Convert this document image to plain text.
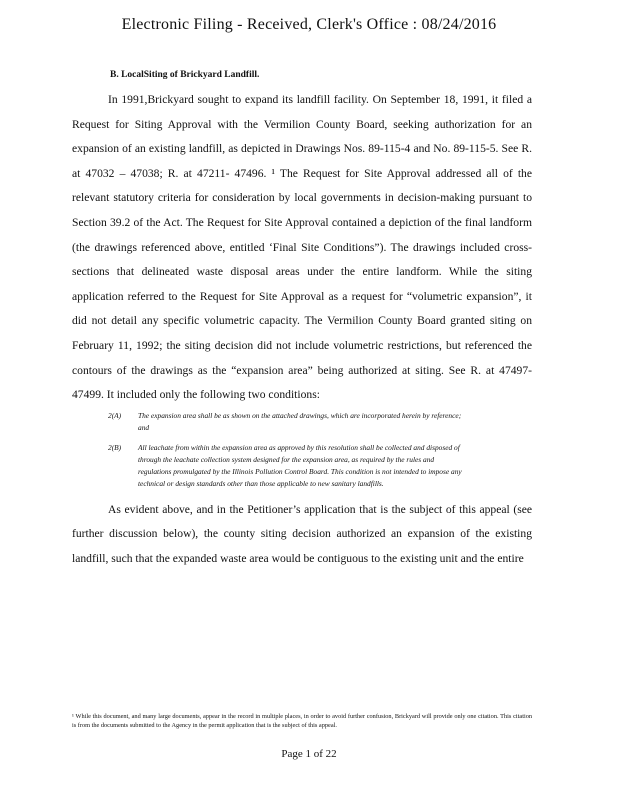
Electronic Filing - Received, Clerk's Office : 08/24/2016
B. LocalSiting of Brickyard Landfill.

In 1991,Brickyard sought to expand its landfill facility. On September 18, 1991, it filed a Request for Siting Approval with the Vermilion County Board, seeking authorization for an expansion of an existing landfill, as depicted in Drawings Nos. 89-115-4 and No. 89-115-5. See R. at 47032 – 47038; R. at 47211- 47496. ¹ The Request for Site Approval addressed all of the relevant statutory criteria for consideration by local governments in decision-making pursuant to Section 39.2 of the Act. The Request for Site Approval contained a depiction of the final landform (the drawings referenced above, entitled ‘Final Site Conditions”). The drawings included cross-sections that delineated waste disposal areas under the entire landform. While the siting application referred to the Request for Site Approval as a request for “volumetric expansion”, it did not detail any specific volumetric capacity. The Vermilion County Board granted siting on February 11, 1992; the siting decision did not include volumetric restrictions, but referenced the contours of the drawings as the “expansion area” being authorized at siting. See R. at 47497-47499. It included only the following two conditions:

2(A)	The expansion area shall be as shown on the attached drawings, which are incorporated herein by reference; and
2(B)	All leachate from within the expansion area as approved by this resolution shall be collected and disposed of through the leachate collection system designed for the expansion area, as required by the rules and regulations promulgated by the Illinois Pollution Control Board. This condition is not intended to impose any technical or design standards other than those applicable to new sanitary landfills.

As evident above, and in the Petitioner’s application that is the subject of this appeal (see further discussion below), the county siting decision authorized an expansion of the existing landfill, such that the expanded waste area would be contiguous to the existing unit and the entire

¹ While this document, and many large documents, appear in the record in multiple places, in order to avoid further confusion, Brickyard will provide only one citation. This citation is from the documents submitted to the Agency in the permit application that is the subject of this appeal.
Page 1 of 22
